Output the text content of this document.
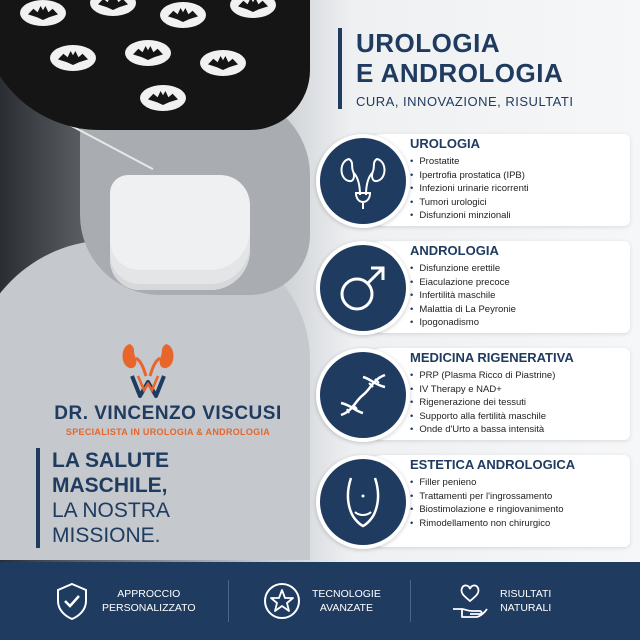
DR. VINCENZO VISCUSI
SPECIALISTA IN UROLOGIA & ANDROLOGIA
LA SALUTE
MASCHILE,
LA NOSTRA
MISSIONE.
UROLOGIA
E ANDROLOGIA
CURA, INNOVAZIONE, RISULTATI
UROLOGIA
• Prostatite
• Ipertrofia prostatica (IPB)
• Infezioni urinarie ricorrenti
• Tumori urologici
• Disfunzioni minzionali
ANDROLOGIA
• Disfunzione erettile
• Eiaculazione precoce
• Infertilità maschile
• Malattia di La Peyronie
• Ipogonadismo
MEDICINA RIGENERATIVA
• PRP (Plasma Ricco di Piastrine)
• IV Therapy e NAD+
• Rigenerazione dei tessuti
• Supporto alla fertilità maschile
• Onde d'Urto a bassa intensità
ESTETICA ANDROLOGICA
• Filler penieno
• Trattamenti per l'ingrossamento
• Biostimolazione e ringiovanimento
• Rimodellamento non chirurgico
APPROCCIO
PERSONALIZZATO
TECNOLOGIE
AVANZATE
RISULTATI
NATURALI
